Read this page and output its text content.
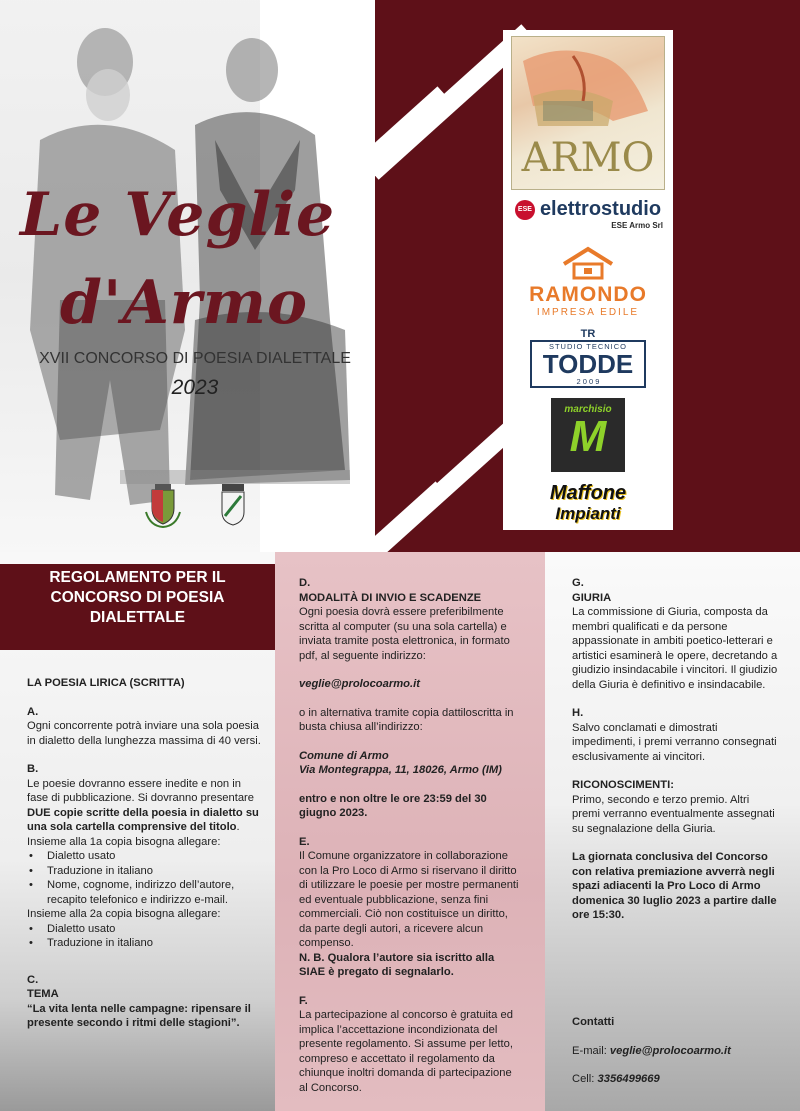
Le Veglie
d'Armo
XVII CONCORSO DI POESIA DIALETTALE
2023
ARMO
ESE elettrostudio
ESE Armo Srl
RAMONDO
IMPRESA EDILE
TR
STUDIO TECNICO
TODDE
2 0 0 9
marchisio
M
Maffone
Impianti
REGOLAMENTO PER IL
CONCORSO DI POESIA
DIALETTALE
LA POESIA LIRICA (SCRITTA)
A.
Ogni concorrente potrà inviare una sola poesia in dialetto della lunghezza massima di 40 versi.
B.
Le poesie dovranno essere inedite e non in fase di pubblicazione. Si dovranno presentare DUE copie scritte della poesia in dialetto su una sola cartella comprensive del titolo.
Insieme alla 1a copia bisogna allegare:
• Dialetto usato
• Traduzione in italiano
• Nome, cognome, indirizzo dell’autore, recapito telefonico e indirizzo e-mail.
Insieme alla 2a copia bisogna allegare:
• Dialetto usato
• Traduzione in italiano
C.
TEMA
“La vita lenta nelle campagne: ripensare il presente secondo i ritmi delle stagioni”.
D.
MODALITÀ DI INVIO E SCADENZE
Ogni poesia dovrà essere preferibilmente scritta al computer (su una sola cartella) e inviata tramite posta elettronica, in formato pdf, al seguente indirizzo:
veglie@prolocoarmo.it
o in alternativa tramite copia dattiloscritta in busta chiusa all’indirizzo:
Comune di Armo
Via Montegrappa, 11, 18026, Armo (IM)
entro e non oltre le ore 23:59 del 30 giugno 2023.
E.
Il Comune organizzatore in collaborazione con la Pro Loco di Armo si riservano il diritto di utilizzare le poesie per mostre permanenti ed eventuale pubblicazione, senza fini commerciali. Ciò non costituisce un diritto, da parte degli autori, a ricevere alcun compenso.
N. B. Qualora l’autore sia iscritto alla SIAE è pregato di segnalarlo.
F.
La partecipazione al concorso è gratuita ed implica l’accettazione incondizionata del presente regolamento. Si assume per letto, compreso e accettato il regolamento da chiunque inoltri domanda di partecipazione al Concorso.
G.
GIURIA
La commissione di Giuria, composta da membri qualificati e da persone appassionate in ambiti poetico-letterari e artistici esaminerà le opere, decretando a giudizio insindacabile i vincitori. Il giudizio della Giuria è definitivo e insindacabile.
H.
Salvo conclamati e dimostrati impedimenti, i premi verranno consegnati esclusivamente ai vincitori.
RICONOSCIMENTI:
Primo, secondo e terzo premio. Altri premi verranno eventualmente assegnati su segnalazione della Giuria.
La giornata conclusiva del Concorso con relativa premiazione avverrà negli spazi adiacenti la Pro Loco di Armo domenica 30 luglio 2023 a partire dalle ore 15:30.
Contatti
E-mail: veglie@prolocoarmo.it
Cell: 3356499669
